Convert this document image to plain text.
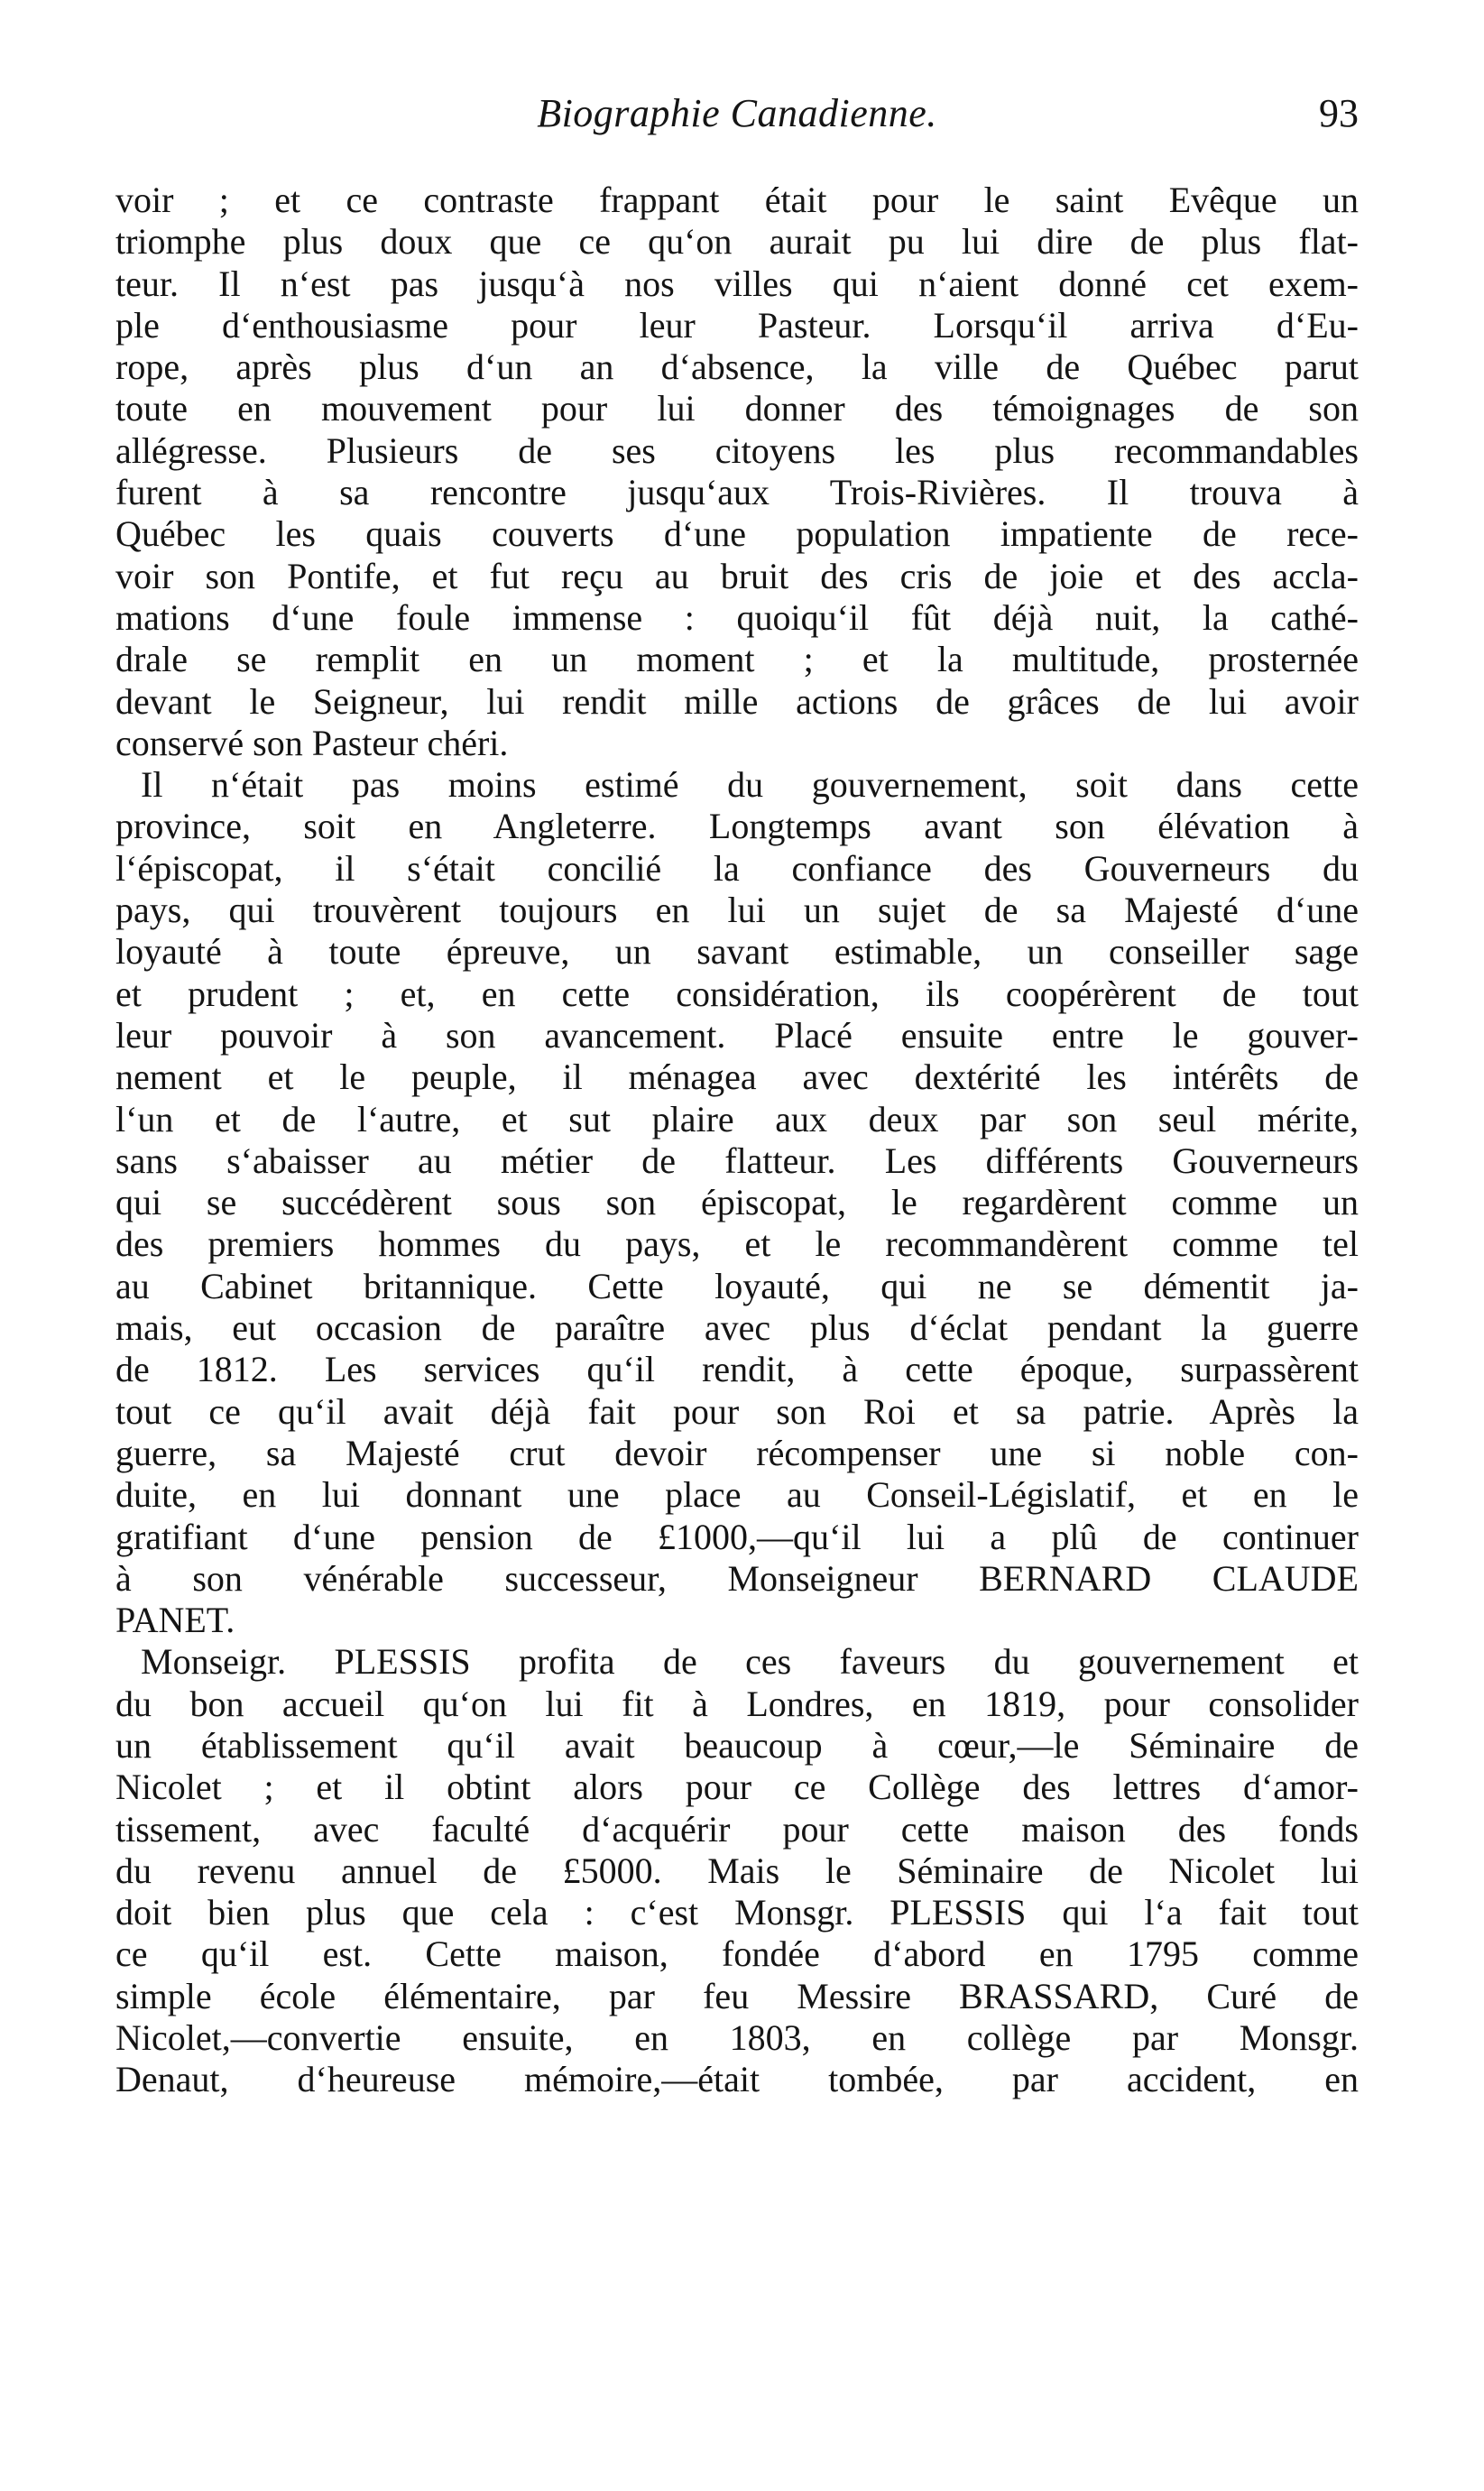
Biographie Canadienne.	93
voir ; et ce contraste frappant était pour le saint Evêque un
triomphe plus doux que ce qu‘on aurait pu lui dire de plus flat-
teur. Il n‘est pas jusqu‘à nos villes qui n‘aient donné cet exem-
ple d‘enthousiasme pour leur Pasteur. Lorsqu‘il arriva d‘Eu-
rope, après plus d‘un an d‘absence, la ville de Québec parut
toute en mouvement pour lui donner des témoignages de son
allégresse. Plusieurs de ses citoyens les plus recommandables
furent à sa rencontre jusqu‘aux Trois-Rivières. Il trouva à
Québec les quais couverts d‘une population impatiente de rece-
voir son Pontife, et fut reçu au bruit des cris de joie et des accla-
mations d‘une foule immense : quoiqu‘il fût déjà nuit, la cathé-
drale se remplit en un moment ; et la multitude, prosternée
devant le Seigneur, lui rendit mille actions de grâces de lui avoir
conservé son Pasteur chéri.
Il n‘était pas moins estimé du gouvernement, soit dans cette
province, soit en Angleterre. Longtemps avant son élévation à
l‘épiscopat, il s‘était concilié la confiance des Gouverneurs du
pays, qui trouvèrent toujours en lui un sujet de sa Majesté d‘une
loyauté à toute épreuve, un savant estimable, un conseiller sage
et prudent ; et, en cette considération, ils coopérèrent de tout
leur pouvoir à son avancement. Placé ensuite entre le gouver-
nement et le peuple, il ménagea avec dextérité les intérêts de
l‘un et de l‘autre, et sut plaire aux deux par son seul mérite,
sans s‘abaisser au métier de flatteur. Les différents Gouverneurs
qui se succédèrent sous son épiscopat, le regardèrent comme un
des premiers hommes du pays, et le recommandèrent comme tel
au Cabinet britannique. Cette loyauté, qui ne se démentit ja-
mais, eut occasion de paraître avec plus d‘éclat pendant la guerre
de 1812. Les services qu‘il rendit, à cette époque, surpassèrent
tout ce qu‘il avait déjà fait pour son Roi et sa patrie. Après la
guerre, sa Majesté crut devoir récompenser une si noble con-
duite, en lui donnant une place au Conseil-Législatif, et en le
gratifiant d‘une pension de £1000,—qu‘il lui a plû de continuer
à son vénérable successeur, Monseigneur BERNARD CLAUDE
PANET.
Monseigr. PLESSIS profita de ces faveurs du gouvernement et
du bon accueil qu‘on lui fit à Londres, en 1819, pour consolider
un établissement qu‘il avait beaucoup à cœur,—le Séminaire de
Nicolet ; et il obtint alors pour ce Collège des lettres d‘amor-
tissement, avec faculté d‘acquérir pour cette maison des fonds
du revenu annuel de £5000. Mais le Séminaire de Nicolet lui
doit bien plus que cela : c‘est Monsgr. PLESSIS qui l‘a fait tout
ce qu‘il est. Cette maison, fondée d‘abord en 1795 comme
simple école élémentaire, par feu Messire BRASSARD, Curé de
Nicolet,—convertie ensuite, en 1803, en collège par Monsgr.
Denaut, d‘heureuse mémoire,—était tombée, par accident, en
